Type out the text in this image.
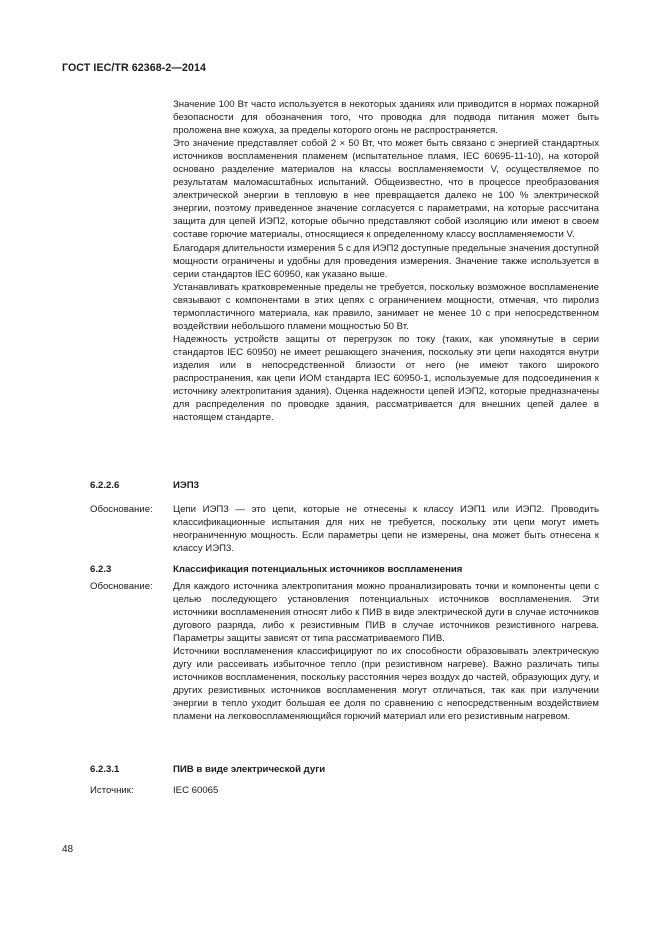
ГОСТ IEC/TR 62368-2—2014

Значение 100 Вт часто используется в некоторых зданиях или приводится в нормах пожарной безопасности для обозначения того, что проводка для подвода питания может быть проложена вне кожуха, за пределы которого огонь не распространяется.

Это значение представляет собой 2 × 50 Вт, что может быть связано с энергией стандартных источников воспламенения пламенем (испытательное пламя, IEC 60695-11-10), на которой основано разделение материалов на классы воспламеняемости V, осуществляемое по результатам маломасштабных испытаний. Общеизвестно, что в процессе преобразования электрической энергии в тепловую в нее превращается далеко не 100 % электрической энергии, поэтому приведенное значение согласуется с параметрами, на которые рассчитана защита для цепей ИЭП2, которые обычно представляют собой изоляцию или имеют в своем составе горючие материалы, относящиеся к определенному классу воспламеняемости V.

Благодаря длительности измерения 5 с для ИЭП2 доступные предельные значения доступной мощности ограничены и удобны для проведения измерения. Значение также используется в серии стандартов IEC 60950, как указано выше.

Устанавливать кратковременные пределы не требуется, поскольку возможное воспламенение связывают с компонентами в этих цепях с ограничением мощности, отмечая, что пиролиз термопластичного материала, как правило, занимает не менее 10 с при непосредственном воздействии небольшого пламени мощностью 50 Вт.

Надежность устройств защиты от перегрузок по току (таких, как упомянутые в серии стандартов IEC 60950) не имеет решающего значения, поскольку эти цепи находятся внутри изделия или в непосредственной близости от него (не имеют такого широкого распространения, как цепи ИОМ стандарта IEC 60950-1, используемые для подсоединения к источнику электропитания здания). Оценка надежности цепей ИЭП2, которые предназначены для распределения по проводке здания, рассматривается для внешних цепей далее в настоящем стандарте.

6.2.2.6	ИЭП3
Обоснование: Цепи ИЭП3 — это цепи, которые не отнесены к классу ИЭП1 или ИЭП2. Проводить классификационные испытания для них не требуется, поскольку эти цепи могут иметь неограниченную мощность. Если параметры цепи не измерены, она может быть отнесена к классу ИЭП3.

6.2.3	Классификация потенциальных источников воспламенения
Обоснование: Для каждого источника электропитания можно проанализировать точки и компоненты цепи с целью последующего установления потенциальных источников воспламенения. Эти источники воспламенения относят либо к ПИВ в виде электрической дуги в случае источников дугового разряда, либо к резистивным ПИВ в случае источников резистивного нагрева. Параметры защиты зависят от типа рассматриваемого ПИВ.

Источники воспламенения классифицируют по их способности образовывать электрическую дугу или рассеивать избыточное тепло (при резистивном нагреве). Важно различать типы источников воспламенения, поскольку расстояния через воздух до частей, образующих дугу, и других резистивных источников воспламенения могут отличаться, так как при излучении энергии в тепло уходит большая ее доля по сравнению с непосредственным воздействием пламени на легковоспламеняющийся горючий материал или его резистивным нагревом.

6.2.3.1	ПИВ в виде электрической дуги
Источник:	IEC 60065
48
